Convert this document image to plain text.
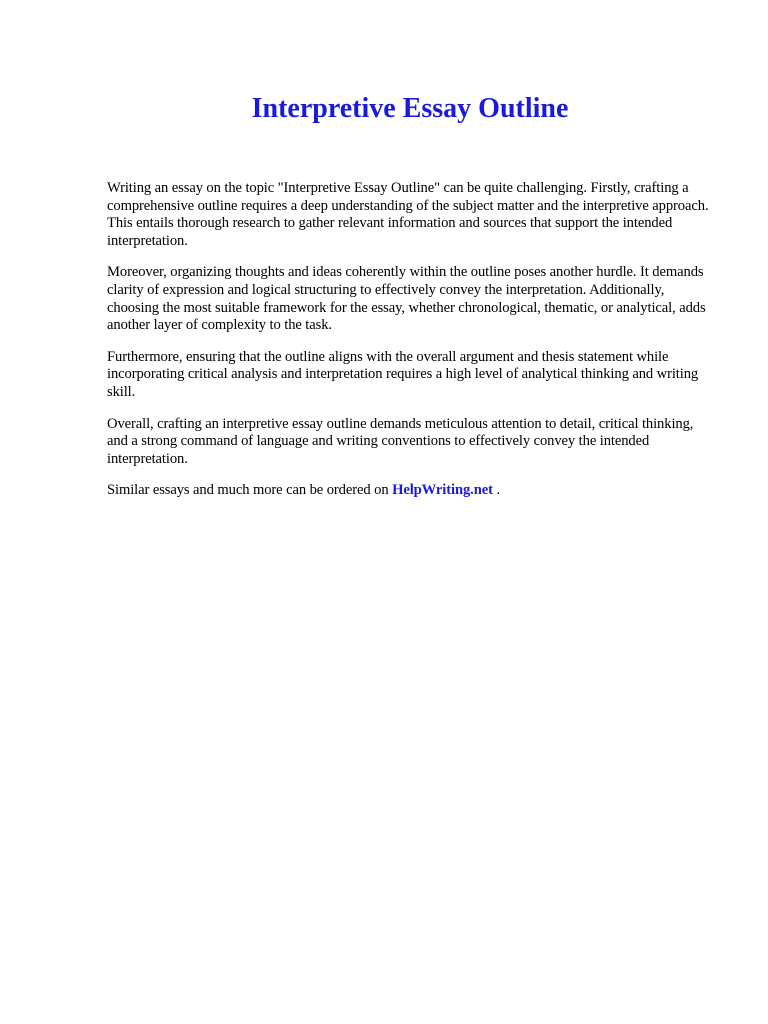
Interpretive Essay Outline

Writing an essay on the topic "Interpretive Essay Outline" can be quite challenging. Firstly, crafting a comprehensive outline requires a deep understanding of the subject matter and the interpretive approach. This entails thorough research to gather relevant information and sources that support the intended interpretation.

Moreover, organizing thoughts and ideas coherently within the outline poses another hurdle. It demands clarity of expression and logical structuring to effectively convey the interpretation. Additionally, choosing the most suitable framework for the essay, whether chronological, thematic, or analytical, adds another layer of complexity to the task.

Furthermore, ensuring that the outline aligns with the overall argument and thesis statement while incorporating critical analysis and interpretation requires a high level of analytical thinking and writing skill.

Overall, crafting an interpretive essay outline demands meticulous attention to detail, critical thinking, and a strong command of language and writing conventions to effectively convey the intended interpretation.

Similar essays and much more can be ordered on HelpWriting.net .
